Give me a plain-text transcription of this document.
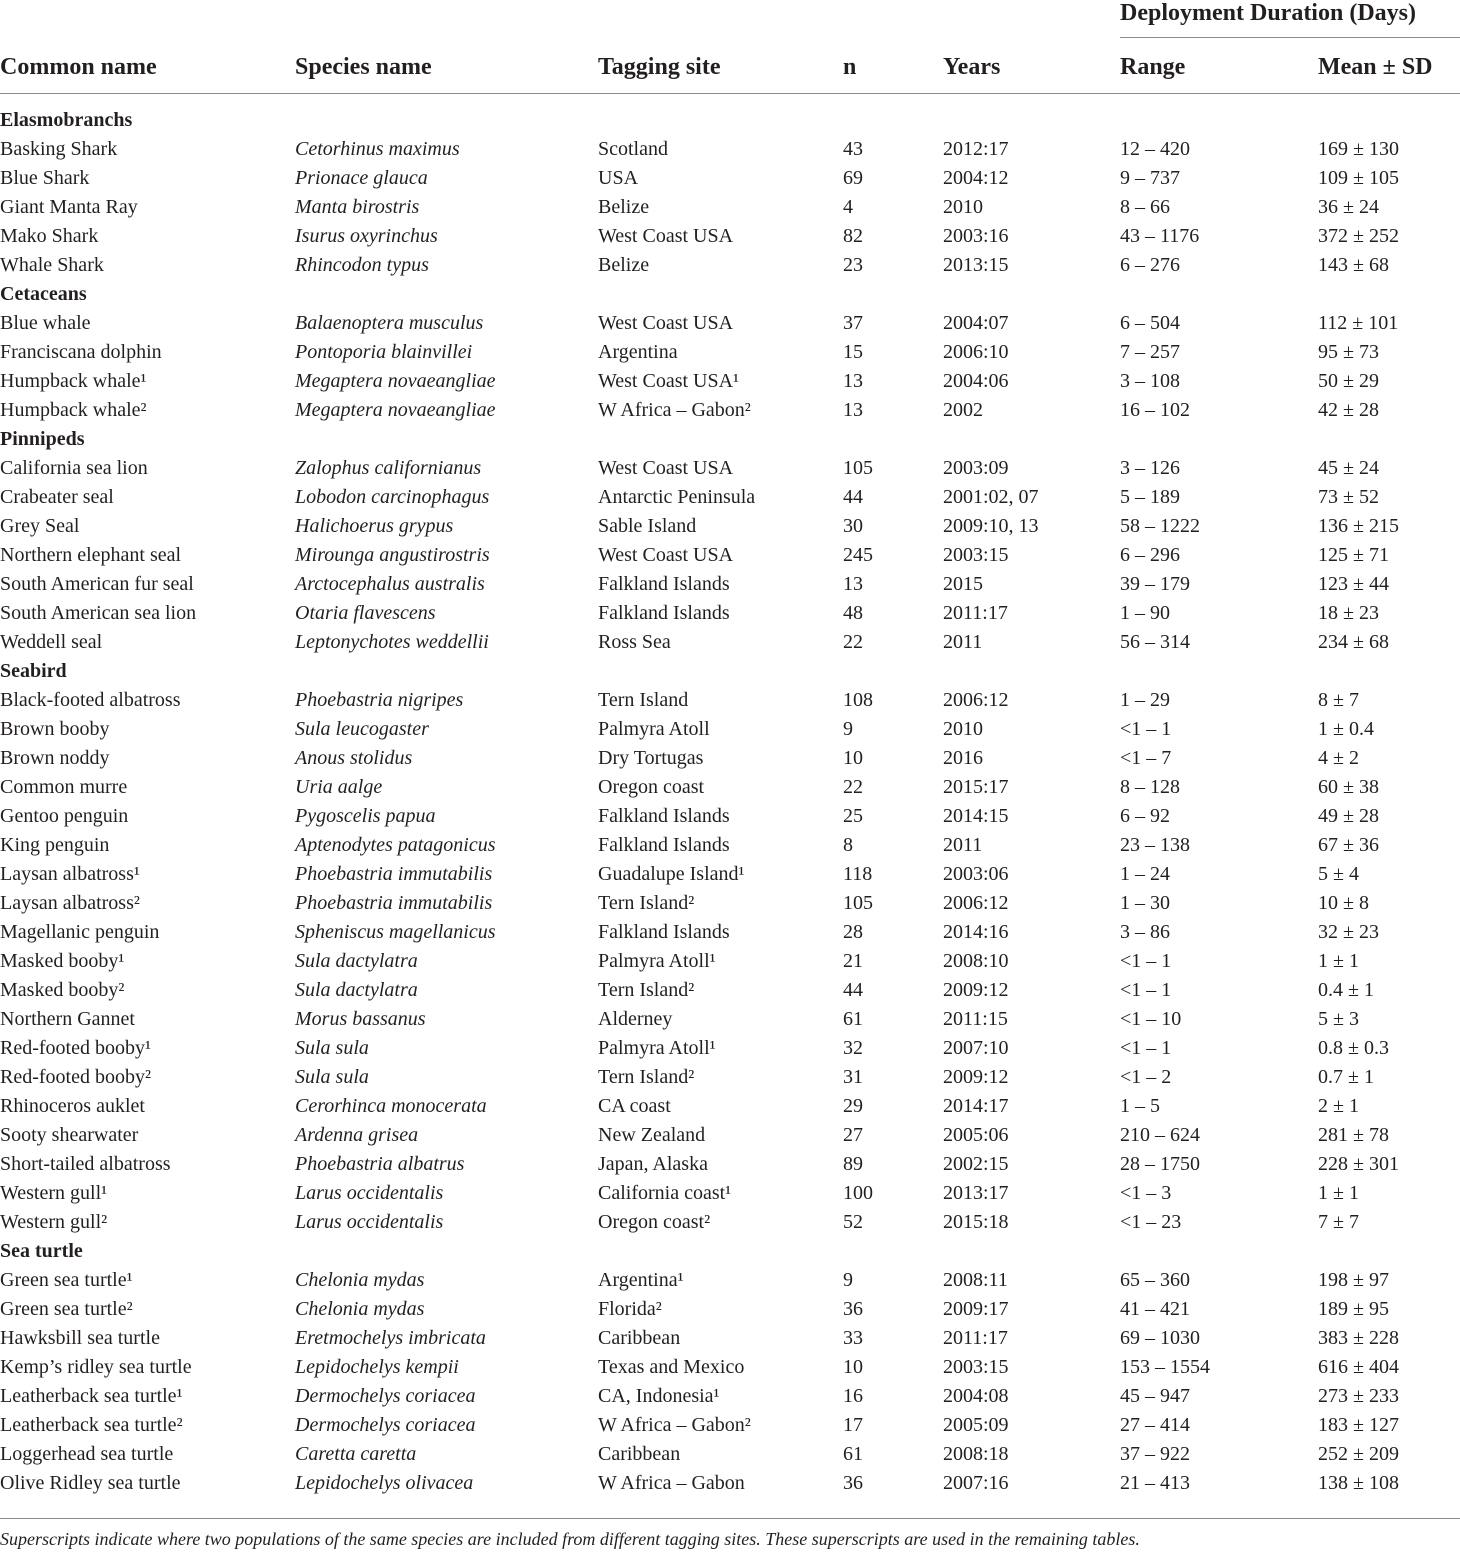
Deployment Duration (Days)
Common name	Species name	Tagging site	n	Years	Range	Mean ± SD
Elasmobranchs
Basking Shark	Cetorhinus maximus	Scotland	43	2012:17	12 – 420	169 ± 130
Blue Shark	Prionace glauca	USA	69	2004:12	9 – 737	109 ± 105
Giant Manta Ray	Manta birostris	Belize	4	2010	8 – 66	36 ± 24
Mako Shark	Isurus oxyrinchus	West Coast USA	82	2003:16	43 – 1176	372 ± 252
Whale Shark	Rhincodon typus	Belize	23	2013:15	6 – 276	143 ± 68
Cetaceans
Blue whale	Balaenoptera musculus	West Coast USA	37	2004:07	6 – 504	112 ± 101
Franciscana dolphin	Pontoporia blainvillei	Argentina	15	2006:10	7 – 257	95 ± 73
Humpback whale¹	Megaptera novaeangliae	West Coast USA¹	13	2004:06	3 – 108	50 ± 29
Humpback whale²	Megaptera novaeangliae	W Africa – Gabon²	13	2002	16 – 102	42 ± 28
Pinnipeds
California sea lion	Zalophus californianus	West Coast USA	105	2003:09	3 – 126	45 ± 24
Crabeater seal	Lobodon carcinophagus	Antarctic Peninsula	44	2001:02, 07	5 – 189	73 ± 52
Grey Seal	Halichoerus grypus	Sable Island	30	2009:10, 13	58 – 1222	136 ± 215
Northern elephant seal	Mirounga angustirostris	West Coast USA	245	2003:15	6 – 296	125 ± 71
South American fur seal	Arctocephalus australis	Falkland Islands	13	2015	39 – 179	123 ± 44
South American sea lion	Otaria flavescens	Falkland Islands	48	2011:17	1 – 90	18 ± 23
Weddell seal	Leptonychotes weddellii	Ross Sea	22	2011	56 – 314	234 ± 68
Seabird
Black-footed albatross	Phoebastria nigripes	Tern Island	108	2006:12	1 – 29	8 ± 7
Brown booby	Sula leucogaster	Palmyra Atoll	9	2010	<1 – 1	1 ± 0.4
Brown noddy	Anous stolidus	Dry Tortugas	10	2016	<1 – 7	4 ± 2
Common murre	Uria aalge	Oregon coast	22	2015:17	8 – 128	60 ± 38
Gentoo penguin	Pygoscelis papua	Falkland Islands	25	2014:15	6 – 92	49 ± 28
King penguin	Aptenodytes patagonicus	Falkland Islands	8	2011	23 – 138	67 ± 36
Laysan albatross¹	Phoebastria immutabilis	Guadalupe Island¹	118	2003:06	1 – 24	5 ± 4
Laysan albatross²	Phoebastria immutabilis	Tern Island²	105	2006:12	1 – 30	10 ± 8
Magellanic penguin	Spheniscus magellanicus	Falkland Islands	28	2014:16	3 – 86	32 ± 23
Masked booby¹	Sula dactylatra	Palmyra Atoll¹	21	2008:10	<1 – 1	1 ± 1
Masked booby²	Sula dactylatra	Tern Island²	44	2009:12	<1 – 1	0.4 ± 1
Northern Gannet	Morus bassanus	Alderney	61	2011:15	<1 – 10	5 ± 3
Red-footed booby¹	Sula sula	Palmyra Atoll¹	32	2007:10	<1 – 1	0.8 ± 0.3
Red-footed booby²	Sula sula	Tern Island²	31	2009:12	<1 – 2	0.7 ± 1
Rhinoceros auklet	Cerorhinca monocerata	CA coast	29	2014:17	1 – 5	2 ± 1
Sooty shearwater	Ardenna grisea	New Zealand	27	2005:06	210 – 624	281 ± 78
Short-tailed albatross	Phoebastria albatrus	Japan, Alaska	89	2002:15	28 – 1750	228 ± 301
Western gull¹	Larus occidentalis	California coast¹	100	2013:17	<1 – 3	1 ± 1
Western gull²	Larus occidentalis	Oregon coast²	52	2015:18	<1 – 23	7 ± 7
Sea turtle
Green sea turtle¹	Chelonia mydas	Argentina¹	9	2008:11	65 – 360	198 ± 97
Green sea turtle²	Chelonia mydas	Florida²	36	2009:17	41 – 421	189 ± 95
Hawksbill sea turtle	Eretmochelys imbricata	Caribbean	33	2011:17	69 – 1030	383 ± 228
Kemp’s ridley sea turtle	Lepidochelys kempii	Texas and Mexico	10	2003:15	153 – 1554	616 ± 404
Leatherback sea turtle¹	Dermochelys coriacea	CA, Indonesia¹	16	2004:08	45 – 947	273 ± 233
Leatherback sea turtle²	Dermochelys coriacea	W Africa – Gabon²	17	2005:09	27 – 414	183 ± 127
Loggerhead sea turtle	Caretta caretta	Caribbean	61	2008:18	37 – 922	252 ± 209
Olive Ridley sea turtle	Lepidochelys olivacea	W Africa – Gabon	36	2007:16	21 – 413	138 ± 108
Superscripts indicate where two populations of the same species are included from different tagging sites. These superscripts are used in the remaining tables.
